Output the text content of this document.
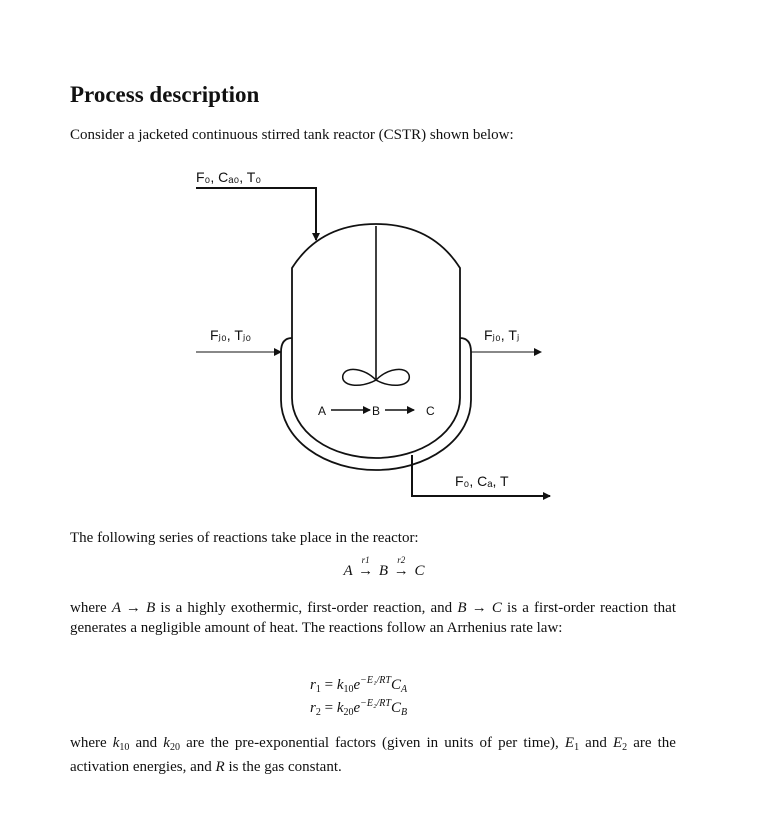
Process description

Consider a jacketed continuous stirred tank reactor (CSTR) shown below:

F₀, Cₐ₀, T₀
Fⱼ₀, Tⱼ₀	Fⱼ₀, Tⱼ
A	B	C
F₀, Cₐ, T

The following series of reactions take place in the reactor:

A
r1
→ B
r2
→ C

where A → B is a highly exothermic, first-order reaction, and B → C is a first-order reaction that generates a negligible amount of heat. The reactions follow an Arrhenius rate law:

$r_1 = k_{10}e^{-E_1/RT}C_A$
$r_2 = k_{20}e^{-E_2/RT}C_B$

where $k_{10}$ and $k_{20}$ are the pre-exponential factors (given in units of per time), $E_1$ and $E_2$ are the activation energies, and R is the gas constant.
